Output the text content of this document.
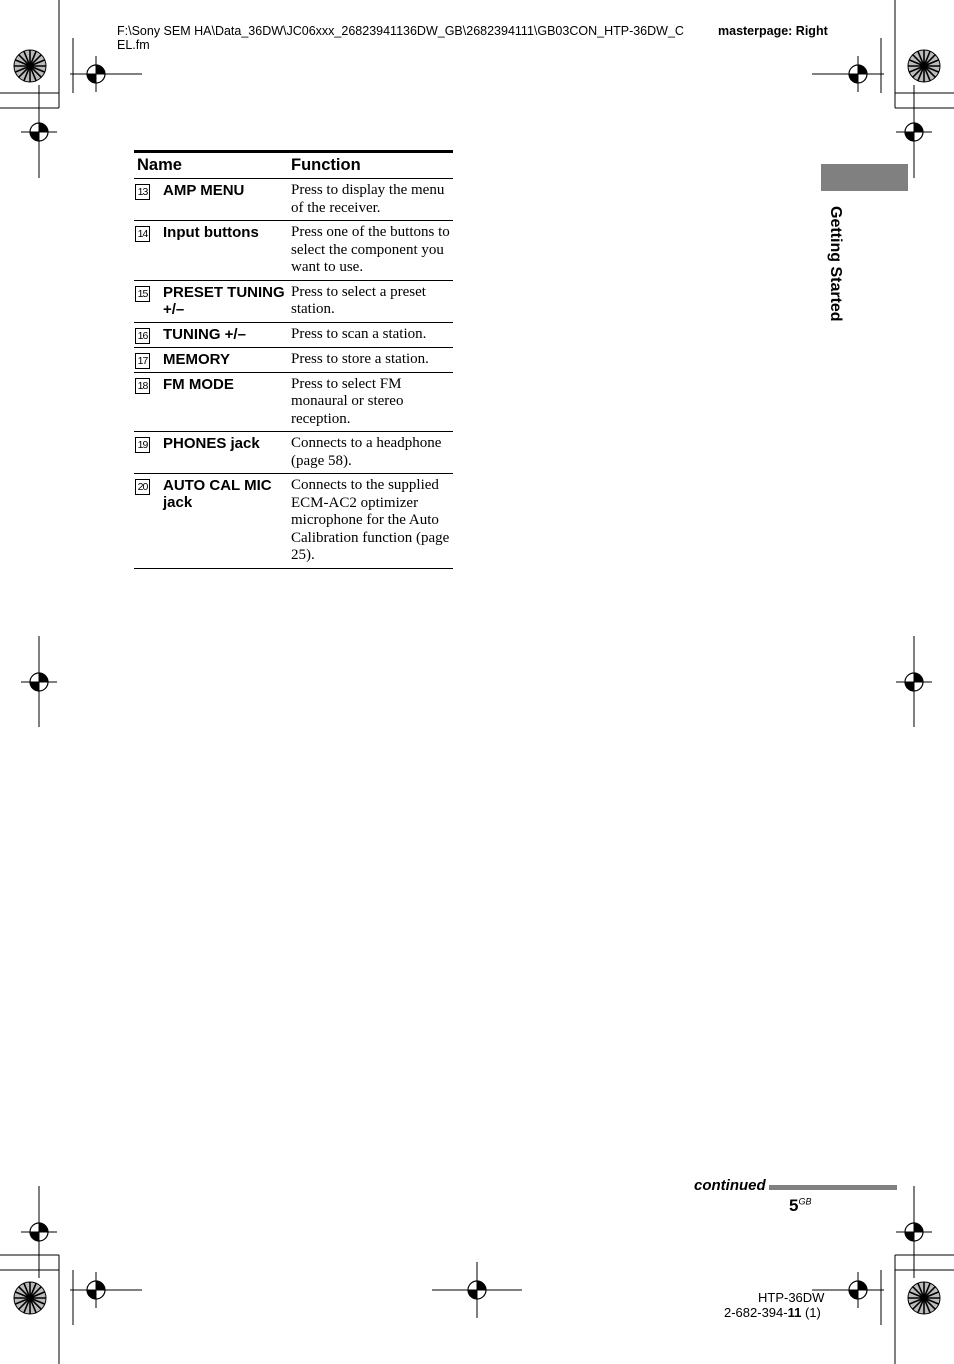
F:\Sony SEM HA\Data_36DW\JC06xxx_26823941136DW_GB\2682394111\GB03CON_HTP-36DW_CEL.fm
masterpage: Right
Getting Started
Name		Function
13	AMP MENU	Press to display the menu of the receiver.
14	Input buttons	Press one of the buttons to select the component you want to use.
15	PRESET TUNING +/–	Press to select a preset station.
16	TUNING +/–	Press to scan a station.
17	MEMORY	Press to store a station.
18	FM MODE	Press to select FM monaural or stereo reception.
19	PHONES jack	Connects to a headphone (page 58).
20	AUTO CAL MIC jack	Connects to the supplied ECM-AC2 optimizer microphone for the Auto Calibration function (page 25).
continued
$5^{GB}$
HTP-36DW
2-682-394-11 (1)
